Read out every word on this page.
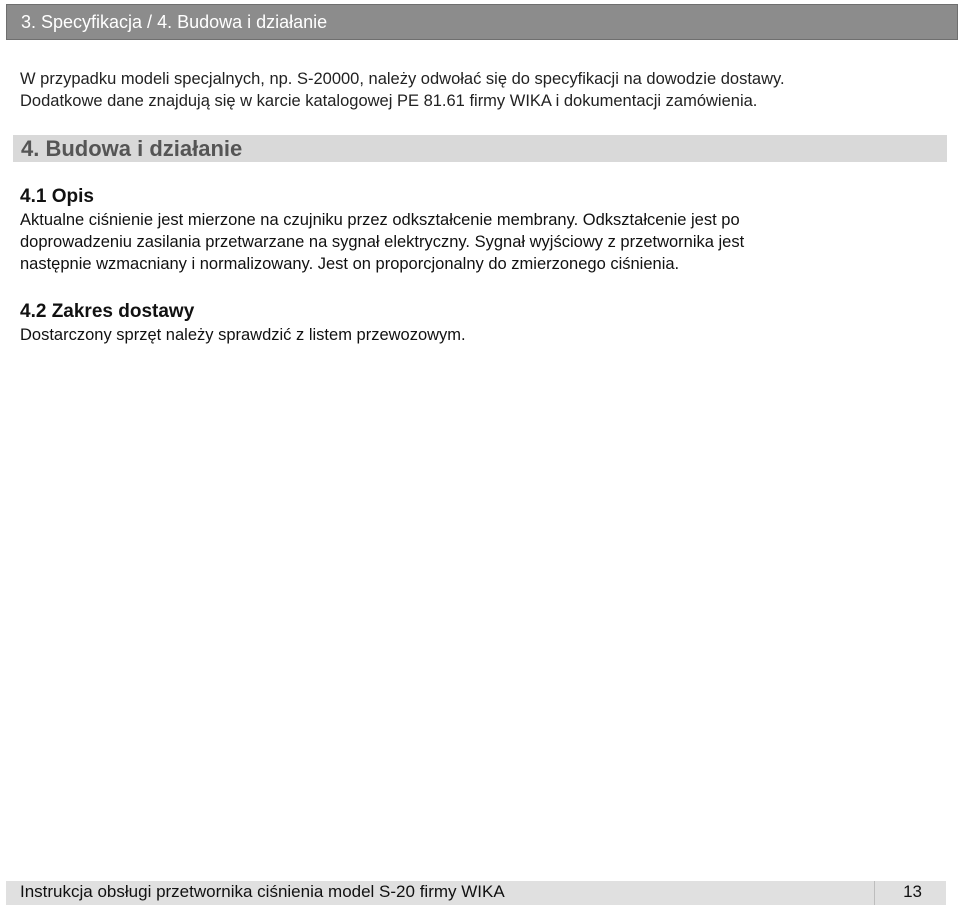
3. Specyfikacja / 4. Budowa i działanie

W przypadku modeli specjalnych, np. S-20000, należy odwołać się do specyfikacji na dowodzie dostawy.

Dodatkowe dane znajdują się w karcie katalogowej PE 81.61 firmy WIKA i dokumentacji zamówienia.

4. Budowa i działanie
4.1 Opis

Aktualne ciśnienie jest mierzone na czujniku przez odkształcenie membrany. Odkształcenie jest po

doprowadzeniu zasilania przetwarzane na sygnał elektryczny. Sygnał wyjściowy z przetwornika jest

następnie wzmacniany i normalizowany. Jest on proporcjonalny do zmierzonego ciśnienia.

4.2 Zakres dostawy

Dostarczony sprzęt należy sprawdzić z listem przewozowym.

Instrukcja obsługi przetwornika ciśnienia model S-20 firmy WIKA	13
